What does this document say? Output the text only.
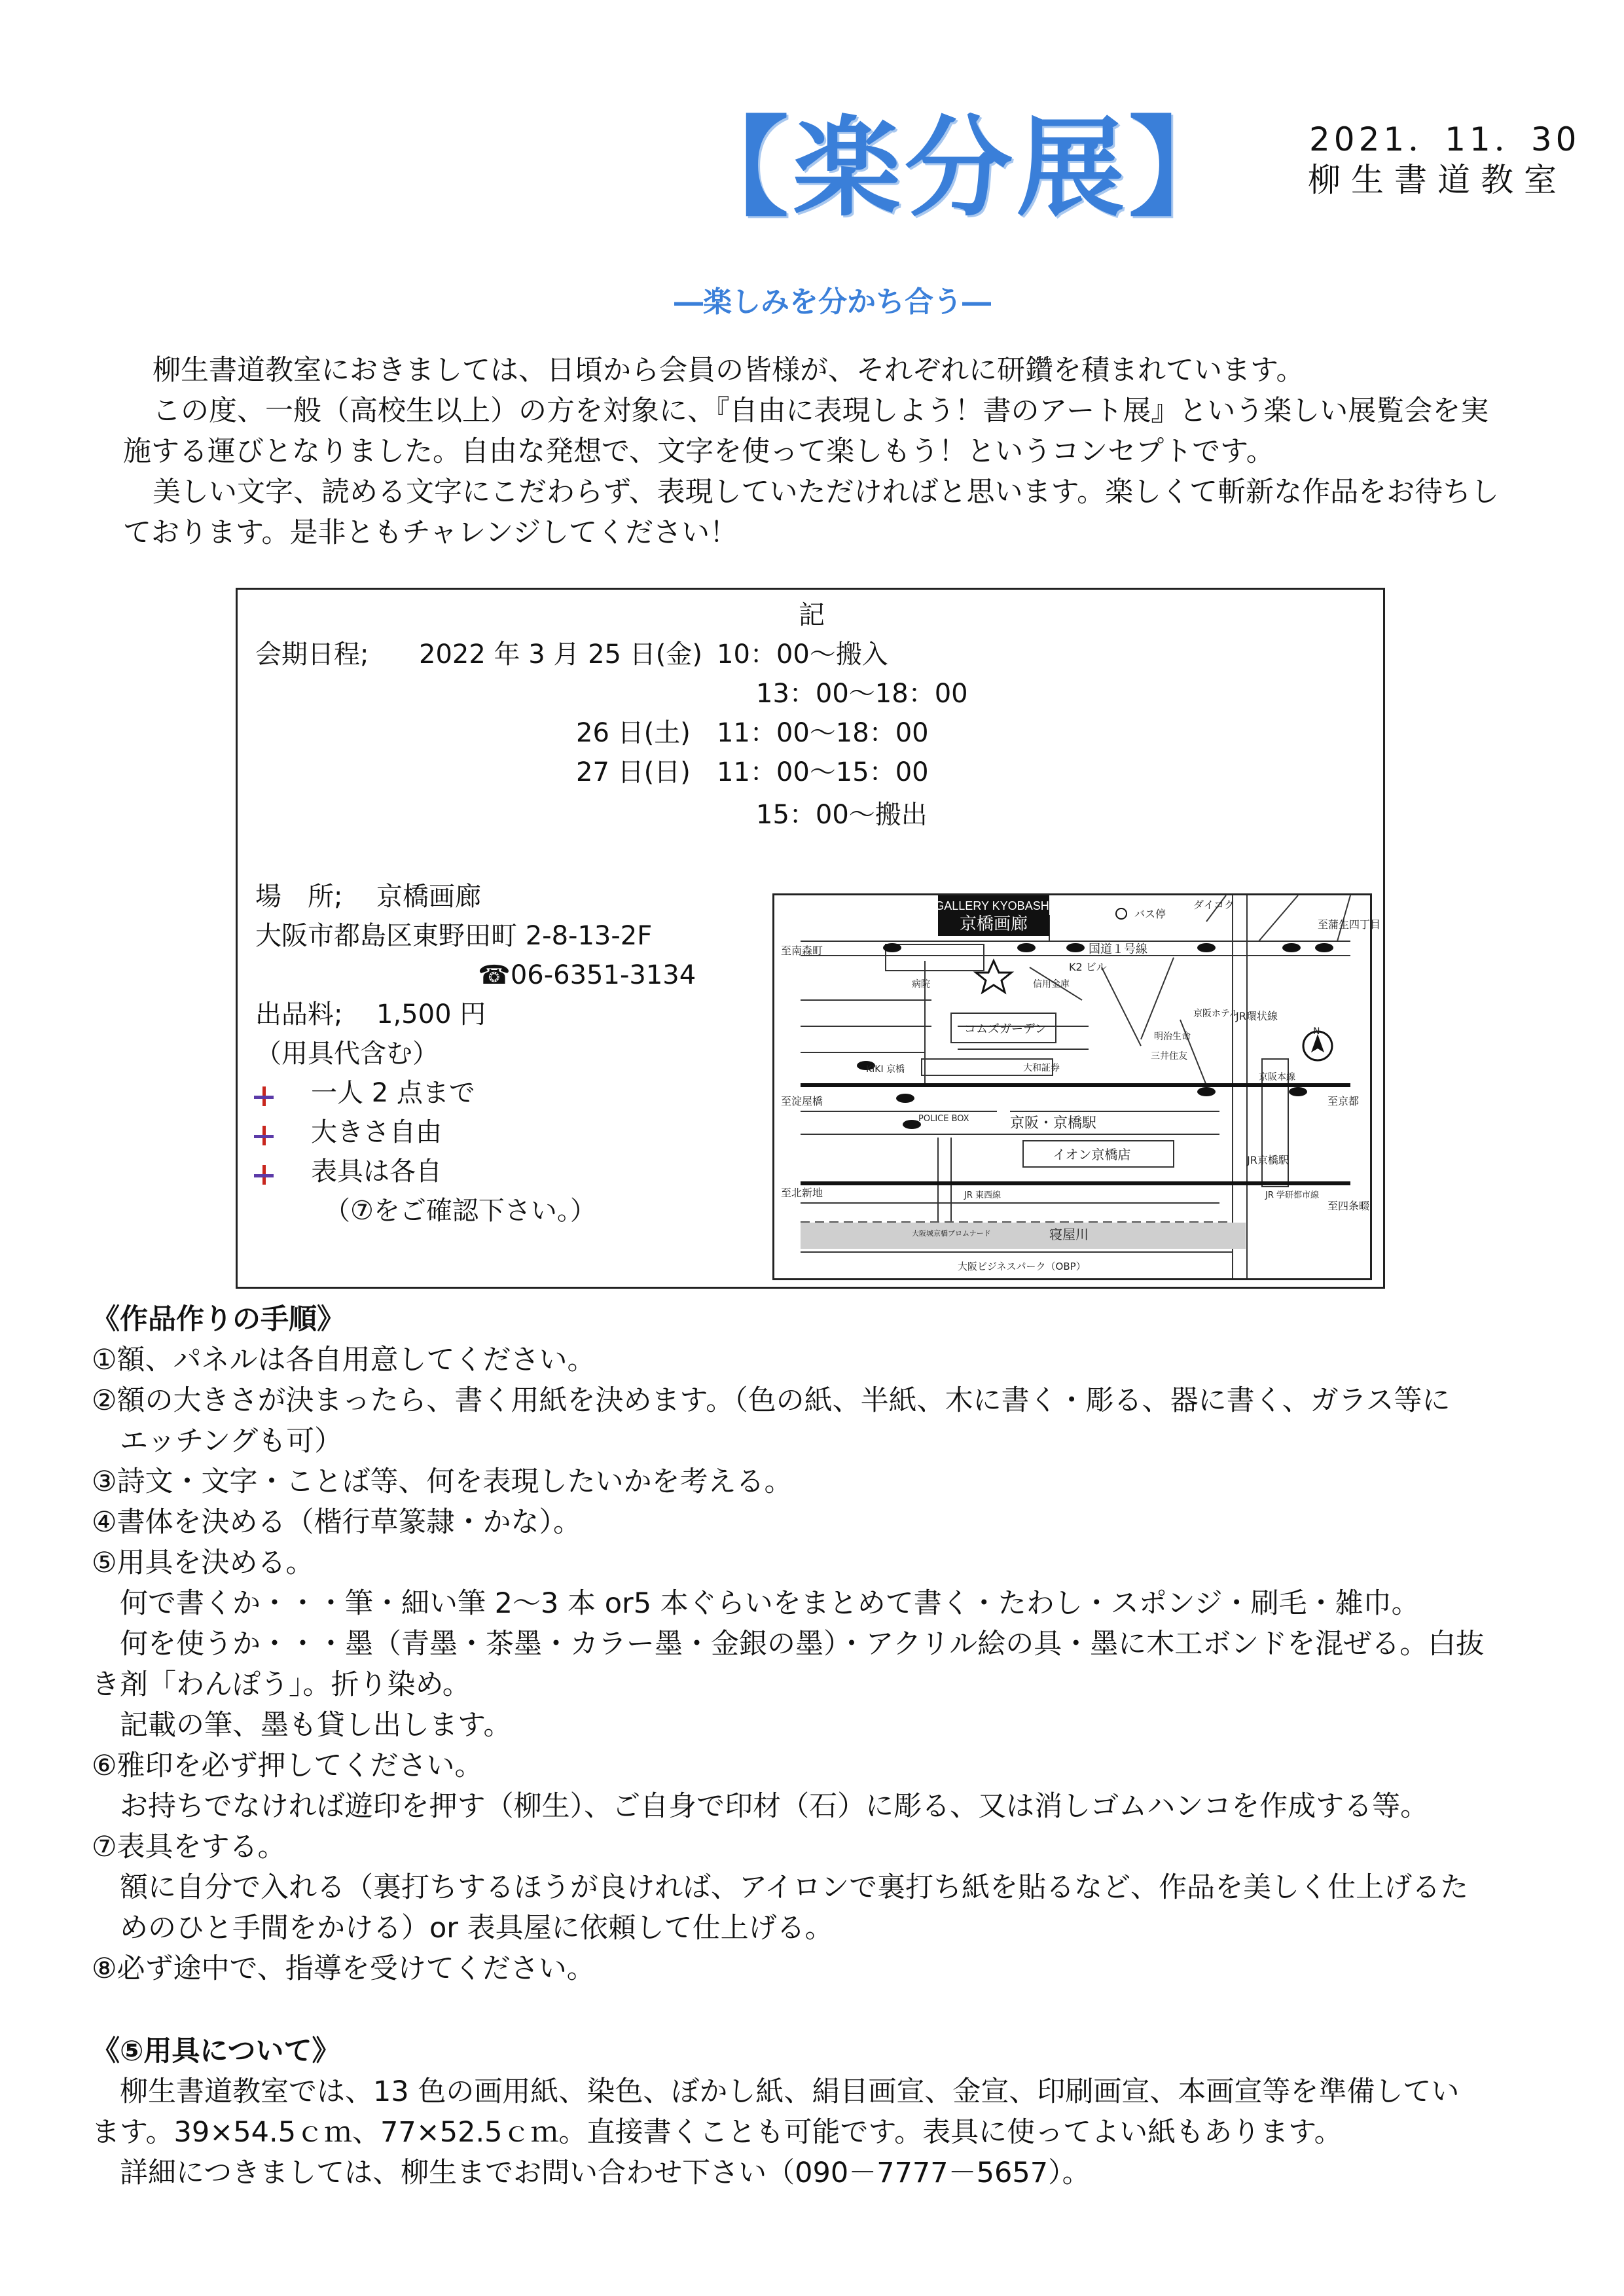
【楽分展】 2021．11．30
柳生書道教室
―楽しみを分かち合う―
柳生書道教室におきましては、日頃から会員の皆様が、それぞれに研鑽を積まれています。
この度、一般（高校生以上）の方を対象に、『自由に表現しよう！書のアート展』という楽しい展覧会を実
施する運びとなりました。自由な発想で、文字を使って楽しもう！というコンセプトです。
美しい文字、読める文字にこだわらず、表現していただければと思います。楽しくて斬新な作品をお待ちし
ております。是非ともチャレンジしてください！
記
会期日程; 2022 年 3 月 25 日(金) 10：00～搬入
13：00～18：00
26 日(土) 11：00～18：00
27 日(日) 11：00～15：00
15：00～搬出
場　所; 京橋画廊
大阪市都島区東野田町 2-8-13-2F
☎06-6351-3134
出品料; 1,500 円
（用具代含む）
一人 2 点まで
大きさ自由
表具は各自
（⑦をご確認下さい。）
GALLERY KYOBASHI
京橋画廊
バス停
ダイコク
国道１号線
K2 ビル
病院	信用金庫
至南森町
至蒲生四丁目
コムズガーデン
KIKI 京橋	大和証券
明治生命
三井住友
京阪ホテル
JR環状線
N
至淀屋橋
POLICE BOX	京阪・京橋駅
京阪本線
至京都
JR京橋駅
至北新地
大阪城京橋プロムナード
イオン京橋店
JR 東西線	JR 学研都市線
至四条畷
寝屋川
大阪ビジネスパーク（OBP）
《作品作りの手順》
①額、パネルは各自用意してください。
②額の大きさが決まったら、書く用紙を決めます。（色の紙、半紙、木に書く・彫る、器に書く、ガラス等に
　エッチングも可）
③詩文・文字・ことば等、何を表現したいかを考える。
④書体を決める（楷行草篆隷・かな）。
⑤用具を決める。
　何で書くか・・・筆・細い筆 2～3 本 or5 本ぐらいをまとめて書く・たわし・スポンジ・刷毛・雑巾。
　何を使うか・・・墨（青墨・茶墨・カラー墨・金銀の墨）・アクリル絵の具・墨に木工ボンドを混ぜる。白抜
き剤「わんぽう」。折り染め。
　記載の筆、墨も貸し出します。
⑥雅印を必ず押してください。
　お持ちでなければ遊印を押す（柳生）、ご自身で印材（石）に彫る、又は消しゴムハンコを作成する等。
⑦表具をする。
　額に自分で入れる（裏打ちするほうが良ければ、アイロンで裏打ち紙を貼るなど、作品を美しく仕上げるた
　めのひと手間をかける）or 表具屋に依頼して仕上げる。
⑧必ず途中で、指導を受けてください。
《⑤用具について》
　柳生書道教室では、13 色の画用紙、染色、ぼかし紙、絹目画宣、金宣、印刷画宣、本画宣等を準備してい
ます。39×54.5ｃｍ、77×52.5ｃｍ。直接書くことも可能です。表具に使ってよい紙もあります。
　詳細につきましては、柳生までお問い合わせ下さい（090－7777－5657）。
